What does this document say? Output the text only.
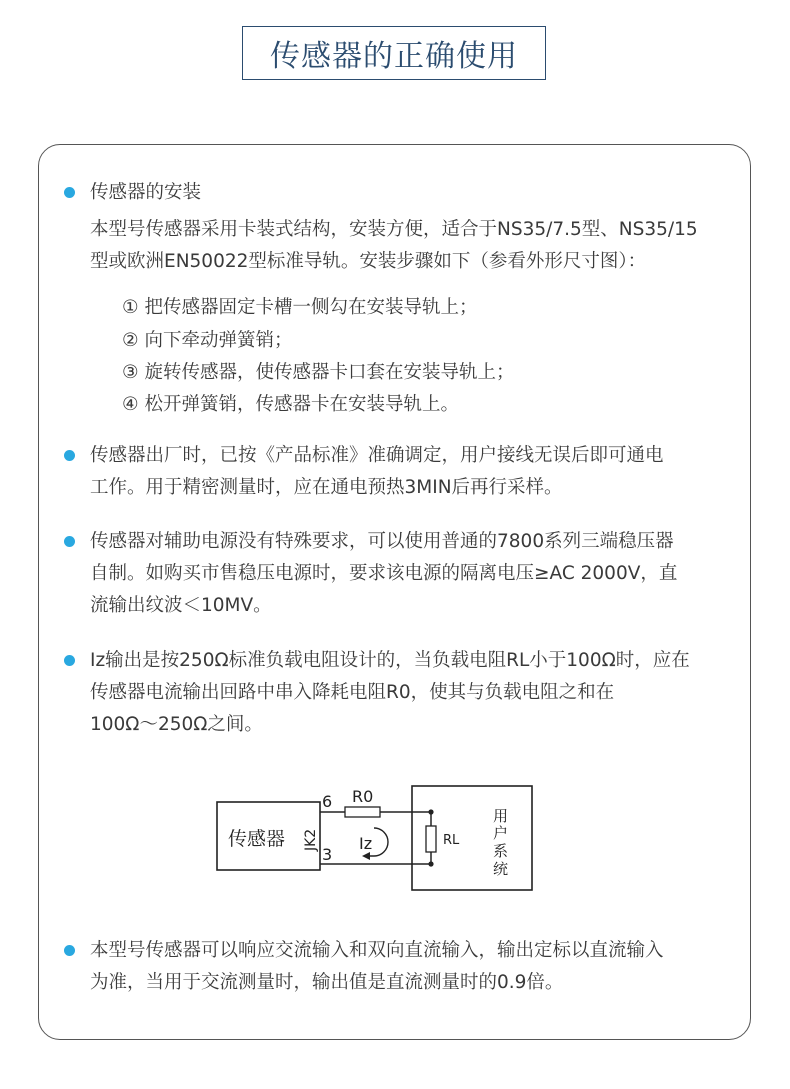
传感器的正确使用
传感器的安装
本型号传感器采用卡装式结构，安装方便，适合于NS35/7.5型、NS35/15
型或欧洲EN50022型标准导轨。安装步骤如下（参看外形尺寸图）：
① 把传感器固定卡槽一侧勾在安装导轨上；
② 向下牵动弹簧销；
③ 旋转传感器，使传感器卡口套在安装导轨上；
④ 松开弹簧销，传感器卡在安装导轨上。
传感器出厂时，已按《产品标准》准确调定，用户接线无误后即可通电
工作。用于精密测量时，应在通电预热3MIN后再行采样。
传感器对辅助电源没有特殊要求，可以使用普通的7800系列三端稳压器
自制。如购买市售稳压电源时，要求该电源的隔离电压≥AC 2000V，直
流输出纹波＜10MV。
Iz输出是按250Ω标准负载电阻设计的，当负载电阻RL小于100Ω时，应在
传感器电流输出回路中串入降耗电阻R0，使其与负载电阻之和在
100Ω～250Ω之间。
传感器 JK2
6
3
R0
Iz	RL
用
户
系
统
本型号传感器可以响应交流输入和双向直流输入，输出定标以直流输入
为准，当用于交流测量时，输出值是直流测量时的0.9倍。
